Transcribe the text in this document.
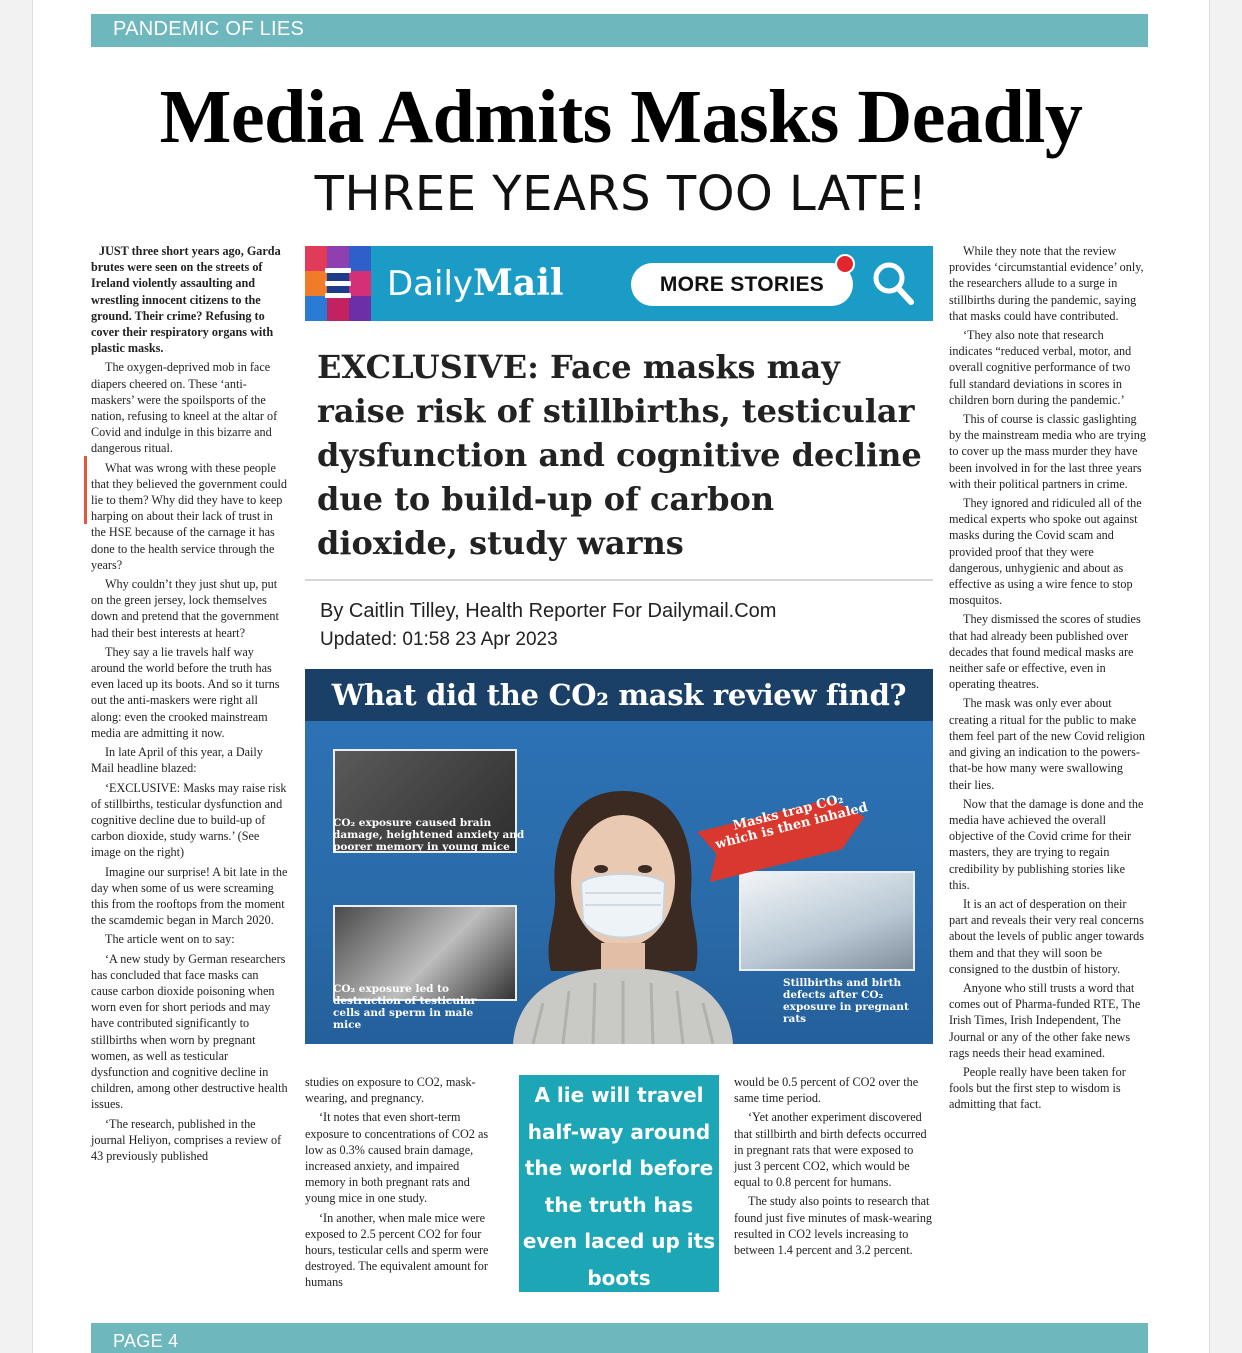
PANDEMIC OF LIES
Media Admits Masks Deadly
THREE YEARS TOO LATE!

JUST three short years ago, Garda brutes were seen on the streets of Ireland violently assaulting and wrestling innocent citizens to the ground. Their crime? Refusing to cover their respiratory organs with plastic masks.

The oxygen-deprived mob in face diapers cheered on. These ‘anti-maskers’ were the spoilsports of the nation, refusing to kneel at the altar of Covid and indulge in this bizarre and dangerous ritual.

What was wrong with these people that they believed the government could lie to them? Why did they have to keep harping on about their lack of trust in the HSE because of the carnage it has done to the health service through the years?

Why couldn’t they just shut up, put on the green jersey, lock themselves down and pretend that the government had their best interests at heart?

They say a lie travels half way around the world before the truth has even laced up its boots. And so it turns out the anti-maskers were right all along: even the crooked mainstream media are admitting it now.

In late April of this year, a Daily Mail headline blazed:

‘EXCLUSIVE: Masks may raise risk of stillbirths, testicular dysfunction and cognitive decline due to build-up of carbon dioxide, study warns.’ (See image on the right)

Imagine our surprise! A bit late in the day when some of us were screaming this from the rooftops from the moment the scamdemic began in March 2020.

The article went on to say:

‘A new study by German researchers has concluded that face masks can cause carbon dioxide poisoning when worn even for short periods and may have contributed significantly to stillbirths when worn by pregnant women, as well as testicular dysfunction and cognitive decline in children, among other destructive health issues.

‘The research, published in the journal Heliyon, comprises a review of 43 previously published

DailyMail	MORE STORIES
EXCLUSIVE: Face masks may raise risk of stillbirths, testicular dysfunction and cognitive decline due to build-up of carbon dioxide, study warns
By Caitlin Tilley, Health Reporter For Dailymail.Com
Updated: 01:58 23 Apr 2023
What did the CO₂ mask review find?
CO₂ exposure caused brain damage, heightened anxiety and poorer memory in young mice
CO₂ exposure led to destruction of testicular cells and sperm in male mice
Stillbirths and birth defects after CO₂ exposure in pregnant rats
Masks trap CO₂ which is then inhaled

studies on exposure to CO2, mask-wearing, and pregnancy.

‘It notes that even short-term exposure to concentrations of CO2 as low as 0.3% caused brain damage, increased anxiety, and impaired memory in both pregnant rats and young mice in one study.

‘In another, when male mice were exposed to 2.5 percent CO2 for four hours, testicular cells and sperm were destroyed. The equivalent amount for humans

A lie will travel half-way around the world before the truth has even laced up its boots

would be 0.5 percent of CO2 over the same time period.

‘Yet another experiment discovered that stillbirth and birth defects occurred in pregnant rats that were exposed to just 3 percent CO2, which would be equal to 0.8 percent for humans.

The study also points to research that found just five minutes of mask-wearing resulted in CO2 levels increasing to between 1.4 percent and 3.2 percent.

While they note that the review provides ‘circumstantial evidence’ only, the researchers allude to a surge in stillbirths during the pandemic, saying that masks could have contributed.

‘They also note that research indicates “reduced verbal, motor, and overall cognitive performance of two full standard deviations in scores in children born during the pandemic.’

This of course is classic gaslighting by the mainstream media who are trying to cover up the mass murder they have been involved in for the last three years with their political partners in crime.

They ignored and ridiculed all of the medical experts who spoke out against masks during the Covid scam and provided proof that they were dangerous, unhygienic and about as effective as using a wire fence to stop mosquitos.

They dismissed the scores of studies that had already been published over decades that found medical masks are neither safe or effective, even in operating theatres.

The mask was only ever about creating a ritual for the public to make them feel part of the new Covid religion and giving an indication to the powers-that-be how many were swallowing their lies.

Now that the damage is done and the media have achieved the overall objective of the Covid crime for their masters, they are trying to regain credibility by publishing stories like this.

It is an act of desperation on their part and reveals their very real concerns about the levels of public anger towards them and that they will soon be consigned to the dustbin of history.

Anyone who still trusts a word that comes out of Pharma-funded RTE, The Irish Times, Irish Independent, The Journal or any of the other fake news rags needs their head examined.

People really have been taken for fools but the first step to wisdom is admitting that fact.

PAGE 4
